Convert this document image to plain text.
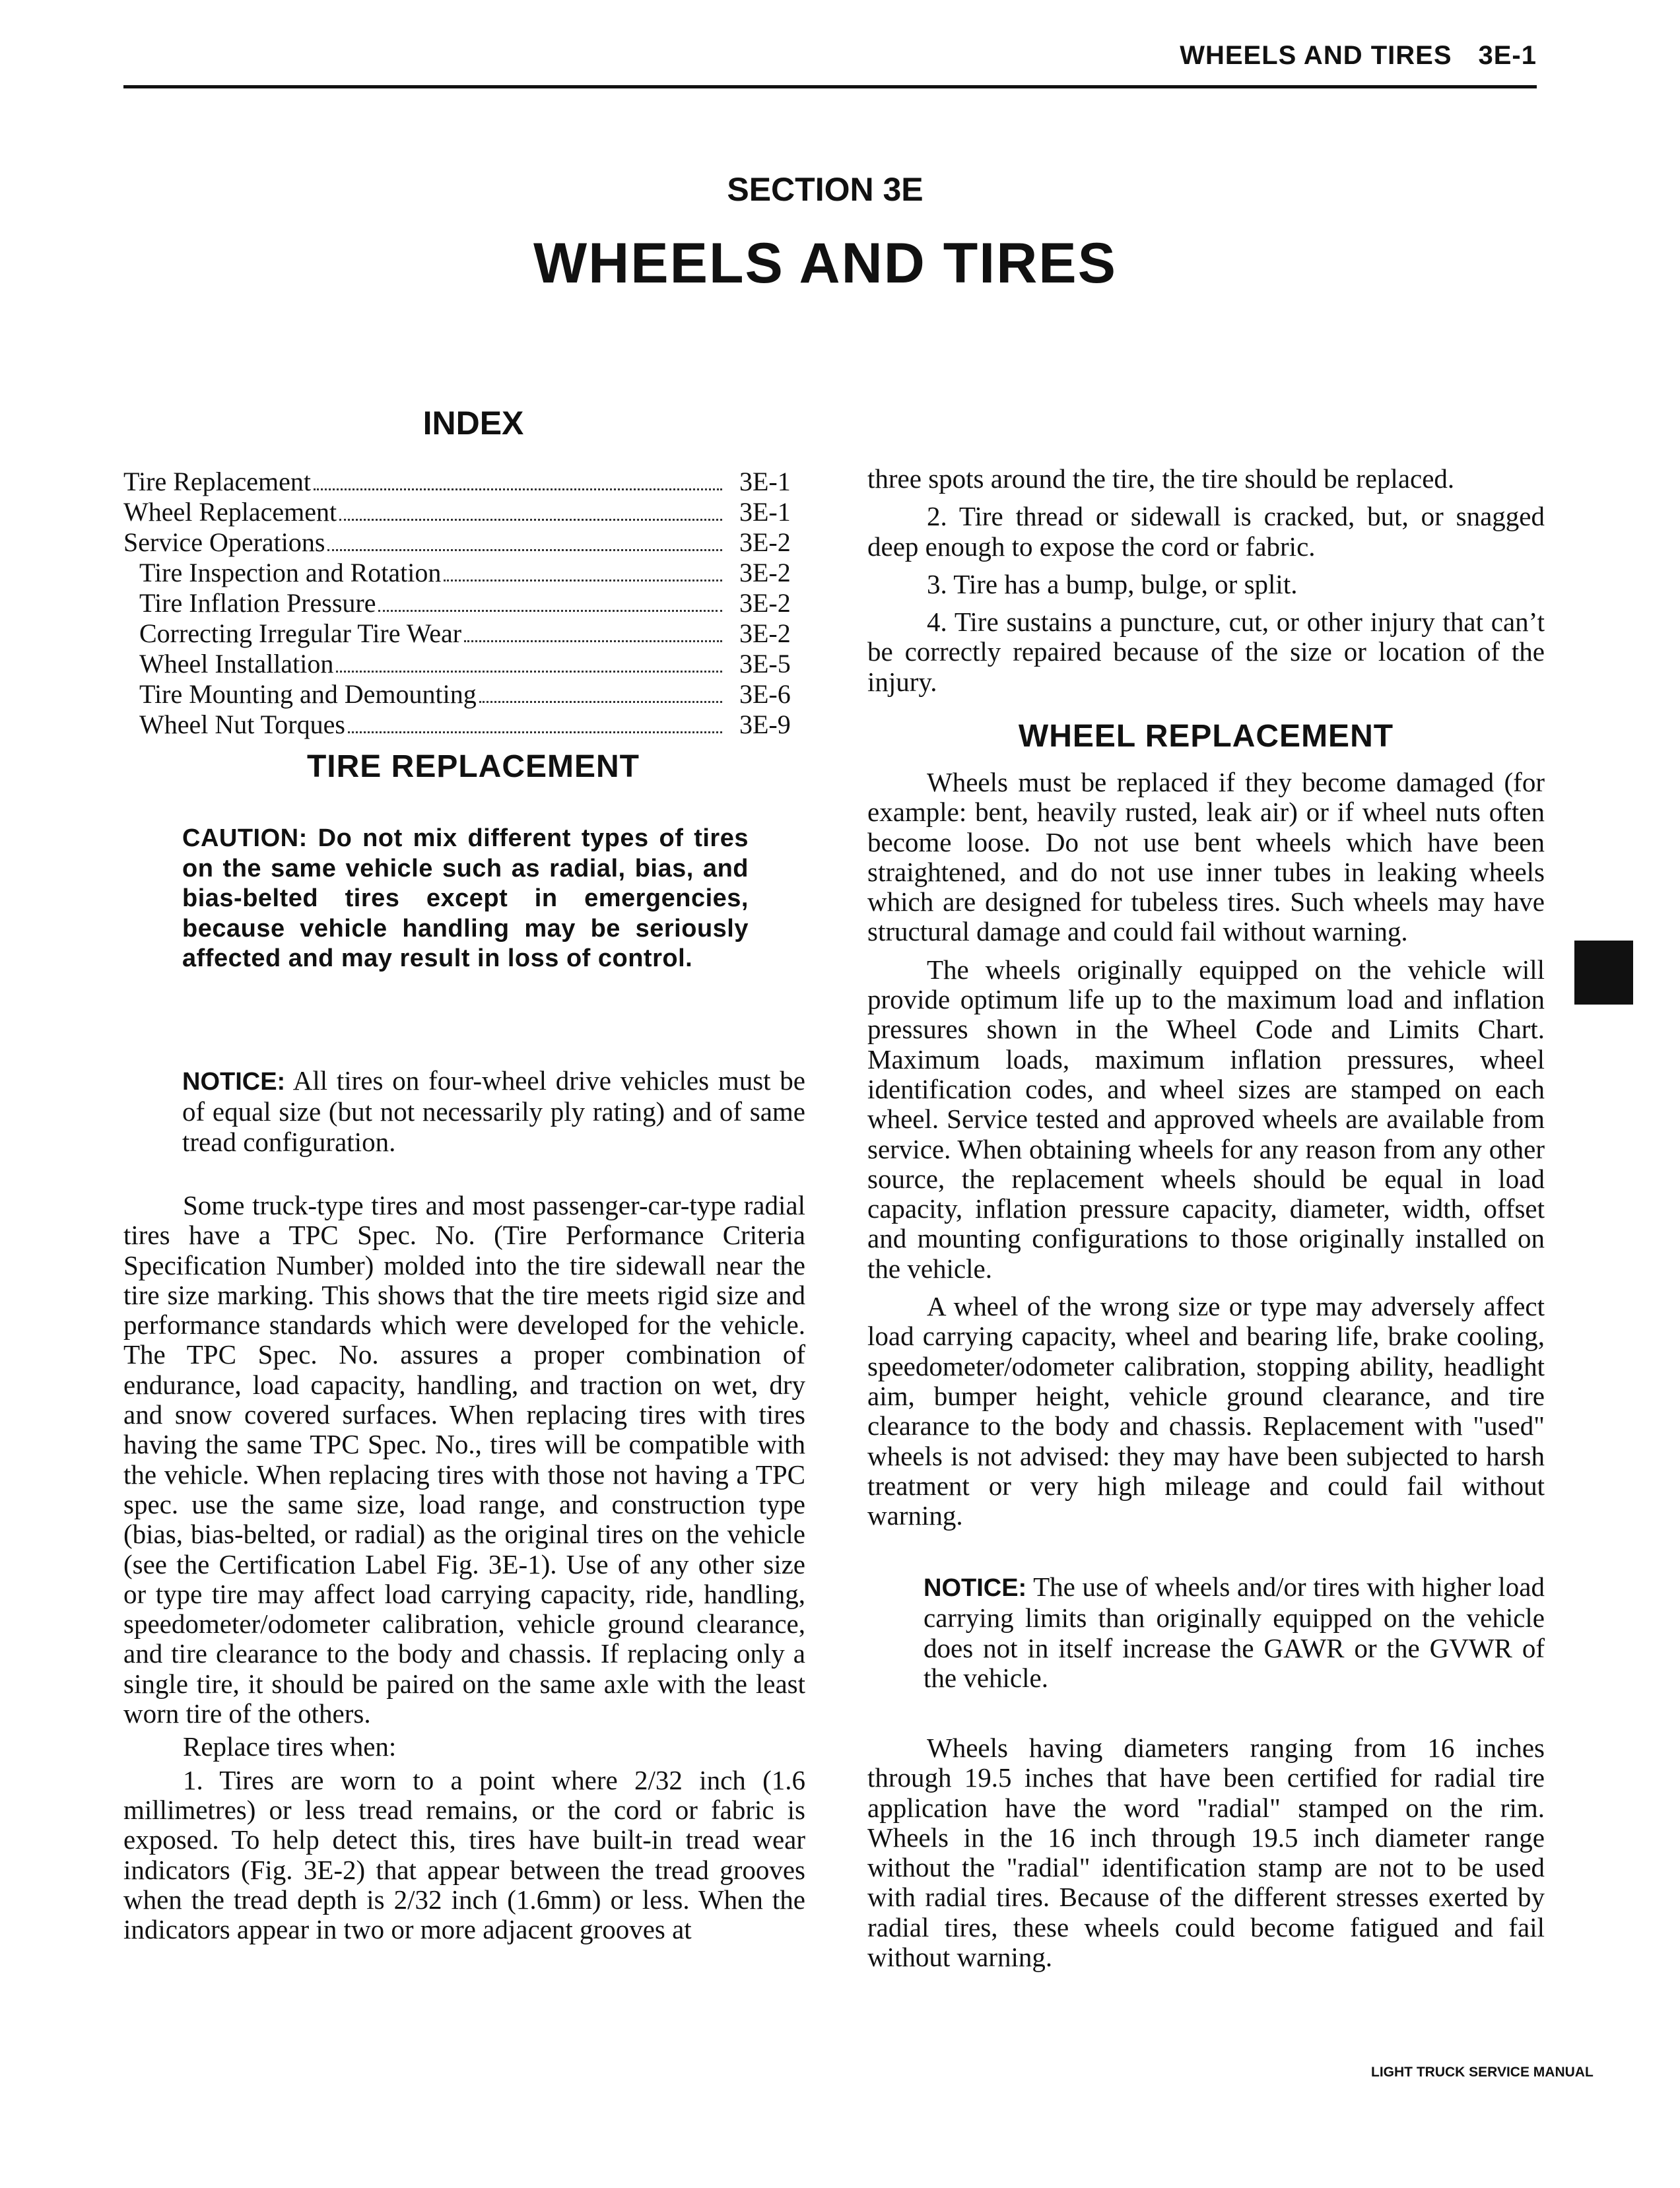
WHEELS AND TIRES 3E-1
SECTION 3E
WHEELS AND TIRES
INDEX
Tire Replacement	3E-1
Wheel Replacement	3E-1
Service Operations	3E-2
Tire Inspection and Rotation	3E-2
Tire Inflation Pressure	3E-2
Correcting Irregular Tire Wear	3E-2
Wheel Installation	3E-5
Tire Mounting and Demounting	3E-6
Wheel Nut Torques	3E-9
TIRE REPLACEMENT
CAUTION: Do not mix different types of tires on the same vehicle such as radial, bias, and bias-belted tires except in emergencies, because vehicle handling may be seriously affected and may result in loss of control.

NOTICE: All tires on four-wheel drive vehicles must be of equal size (but not necessarily ply rating) and of same tread configuration.

Some truck-type tires and most passenger-car-type radial tires have a TPC Spec. No. (Tire Performance Criteria Specification Number) molded into the tire sidewall near the tire size marking. This shows that the tire meets rigid size and performance standards which were developed for the vehicle. The TPC Spec. No. assures a proper combination of endurance, load capacity, handling, and traction on wet, dry and snow covered surfaces. When replacing tires with tires having the same TPC Spec. No., tires will be compatible with the vehicle. When replacing tires with those not having a TPC spec. use the same size, load range, and construction type (bias, bias-belted, or radial) as the original tires on the vehicle (see the Certification Label Fig. 3E-1). Use of any other size or type tire may affect load carrying capacity, ride, handling, speedometer/odometer calibration, vehicle ground clearance, and tire clearance to the body and chassis. If replacing only a single tire, it should be paired on the same axle with the least worn tire of the others.

Replace tires when:

1. Tires are worn to a point where 2/32 inch (1.6 millimetres) or less tread remains, or the cord or fabric is exposed. To help detect this, tires have built-in tread wear indicators (Fig. 3E-2) that appear between the tread grooves when the tread depth is 2/32 inch (1.6mm) or less. When the indicators appear in two or more adjacent grooves at

three spots around the tire, the tire should be replaced.

2. Tire thread or sidewall is cracked, but, or snagged deep enough to expose the cord or fabric.

3. Tire has a bump, bulge, or split.

4. Tire sustains a puncture, cut, or other injury that can’t be correctly repaired because of the size or location of the injury.

WHEEL REPLACEMENT

Wheels must be replaced if they become damaged (for example: bent, heavily rusted, leak air) or if wheel nuts often become loose. Do not use bent wheels which have been straightened, and do not use inner tubes in leaking wheels which are designed for tubeless tires. Such wheels may have structural damage and could fail without warning.

The wheels originally equipped on the vehicle will provide optimum life up to the maximum load and inflation pressures shown in the Wheel Code and Limits Chart. Maximum loads, maximum inflation pressures, wheel identification codes, and wheel sizes are stamped on each wheel. Service tested and approved wheels are available from service. When obtaining wheels for any reason from any other source, the replacement wheels should be equal in load capacity, inflation pressure capacity, diameter, width, offset and mounting configurations to those originally installed on the vehicle.

A wheel of the wrong size or type may adversely affect load carrying capacity, wheel and bearing life, brake cooling, speedometer/odometer calibration, stopping ability, headlight aim, bumper height, vehicle ground clearance, and tire clearance to the body and chassis. Replacement with "used" wheels is not advised: they may have been subjected to harsh treatment or very high mileage and could fail without warning.

NOTICE: The use of wheels and/or tires with higher load carrying limits than originally equipped on the vehicle does not in itself increase the GAWR or the GVWR of the vehicle.

Wheels having diameters ranging from 16 inches through 19.5 inches that have been certified for radial tire application have the word "radial" stamped on the rim. Wheels in the 16 inch through 19.5 inch diameter range without the "radial" identification stamp are not to be used with radial tires. Because of the different stresses exerted by radial tires, these wheels could become fatigued and fail without warning.

LIGHT TRUCK SERVICE MANUAL
